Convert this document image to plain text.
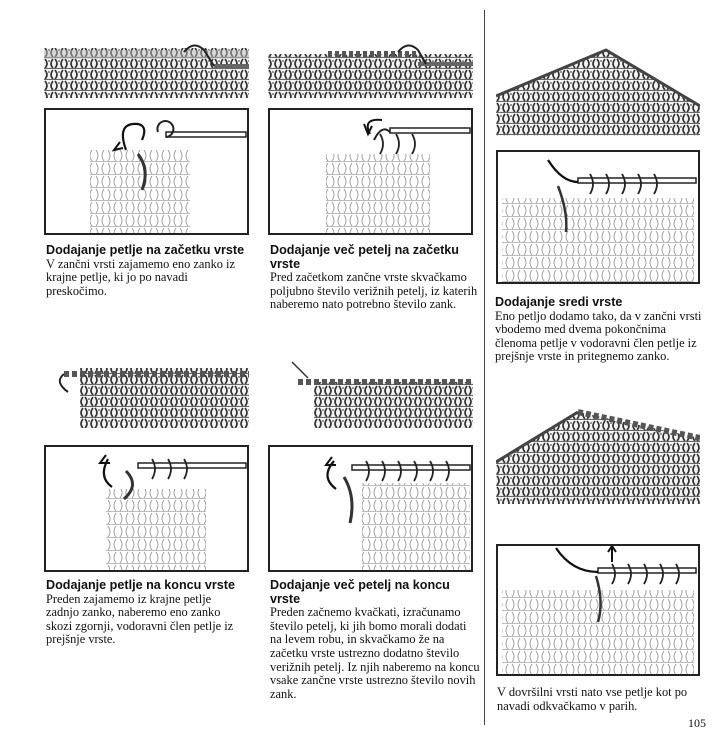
Dodajanje petlje na začetku vrste
V zančni vrsti zajamemo eno zanko iz krajne petlje, ki jo po navadi preskočimo.
Dodajanje več petelj na začetku vrste
Pred začetkom zančne vrste skvačkamo poljubno število verižnih petelj, iz katerih naberemo nato potrebno število zank.	Dodajanje sredi vrste
Eno petljo dodamo tako, da v zančni vrsti vbodemo med dvema pokončnima členoma petlje v vodoravni člen petlje iz prejšnje vrste in pritegnemo zanko.
Dodajanje petlje na koncu vrste
Preden zajamemo iz krajne petlje zadnjo zanko, naberemo eno zanko skozi zgornji, vodoravni člen petlje iz prejšnje vrste.
Dodajanje več petelj na koncu vrste
Preden začnemo kvačkati, izračunamo število petelj, ki jih bomo morali dodati na levem robu, in skvačkamo že na začetku vrste ustrezno dodatno število verižnih petelj. Iz njih naberemo na koncu vsake zančne vrste ustrezno število novih zank.	V dovršilni vrsti nato vse petlje kot po navadi odkvačkamo v parih.
105
